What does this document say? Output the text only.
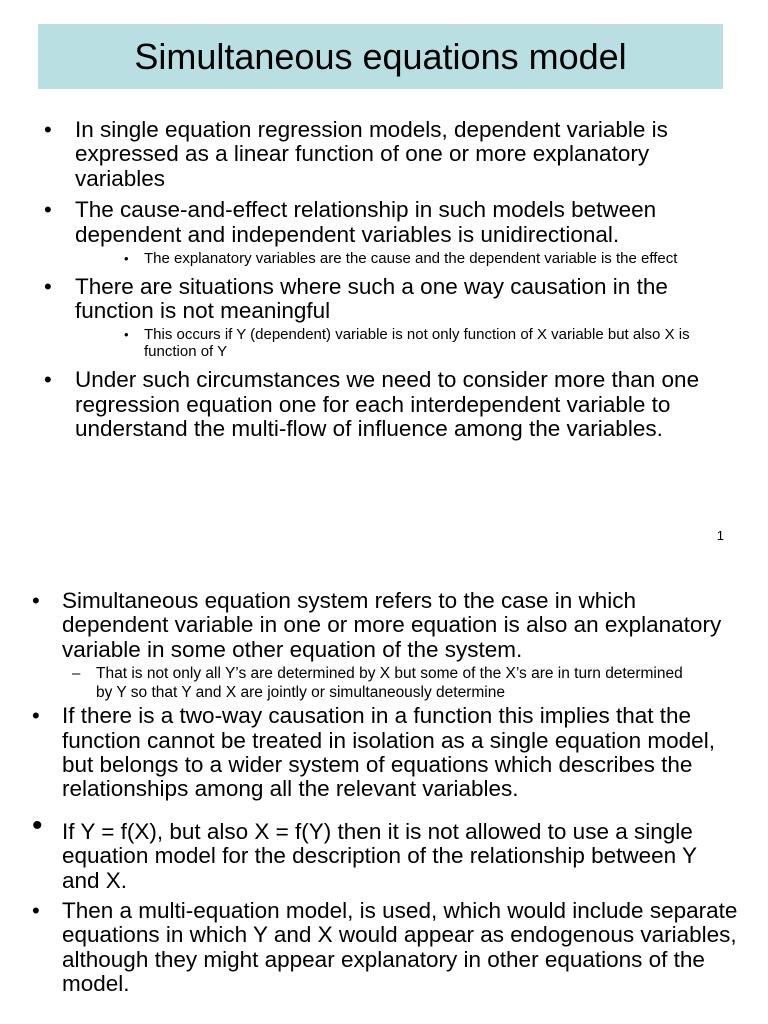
Simultaneous equations model
• In single equation regression models, dependent variable is expressed as a linear function of one or more explanatory variables
• The cause-and-effect relationship in such models between dependent and independent variables is unidirectional.
• The explanatory variables are the cause and the dependent variable is the effect
• There are situations where such a one way causation in the function is not meaningful
• This occurs if Y (dependent) variable is not only function of X variable but also X is function of Y
• Under such circumstances we need to consider more than one regression equation one for each interdependent variable to understand the multi-flow of influence among the variables.
1
• Simultaneous equation system refers to the case in which dependent variable in one or more equation is also an explanatory variable in some other equation of the system.
– That is not only all Y’s are determined by X but some of the X’s are in turn determined by Y so that Y and X are jointly or simultaneously determine
• If there is a two-way causation in a function this implies that the function cannot be treated in isolation as a single equation model, but belongs to a wider system of equations which describes the relationships among all the relevant variables.
• If Y = f(X), but also X = f(Y) then it is not allowed to use a single equation model for the description of the relationship between Y and X.
• Then a multi-equation model, is used, which would include separate equations in which Y and X would appear as endogenous variables, although they might appear explanatory in other equations of the model.
